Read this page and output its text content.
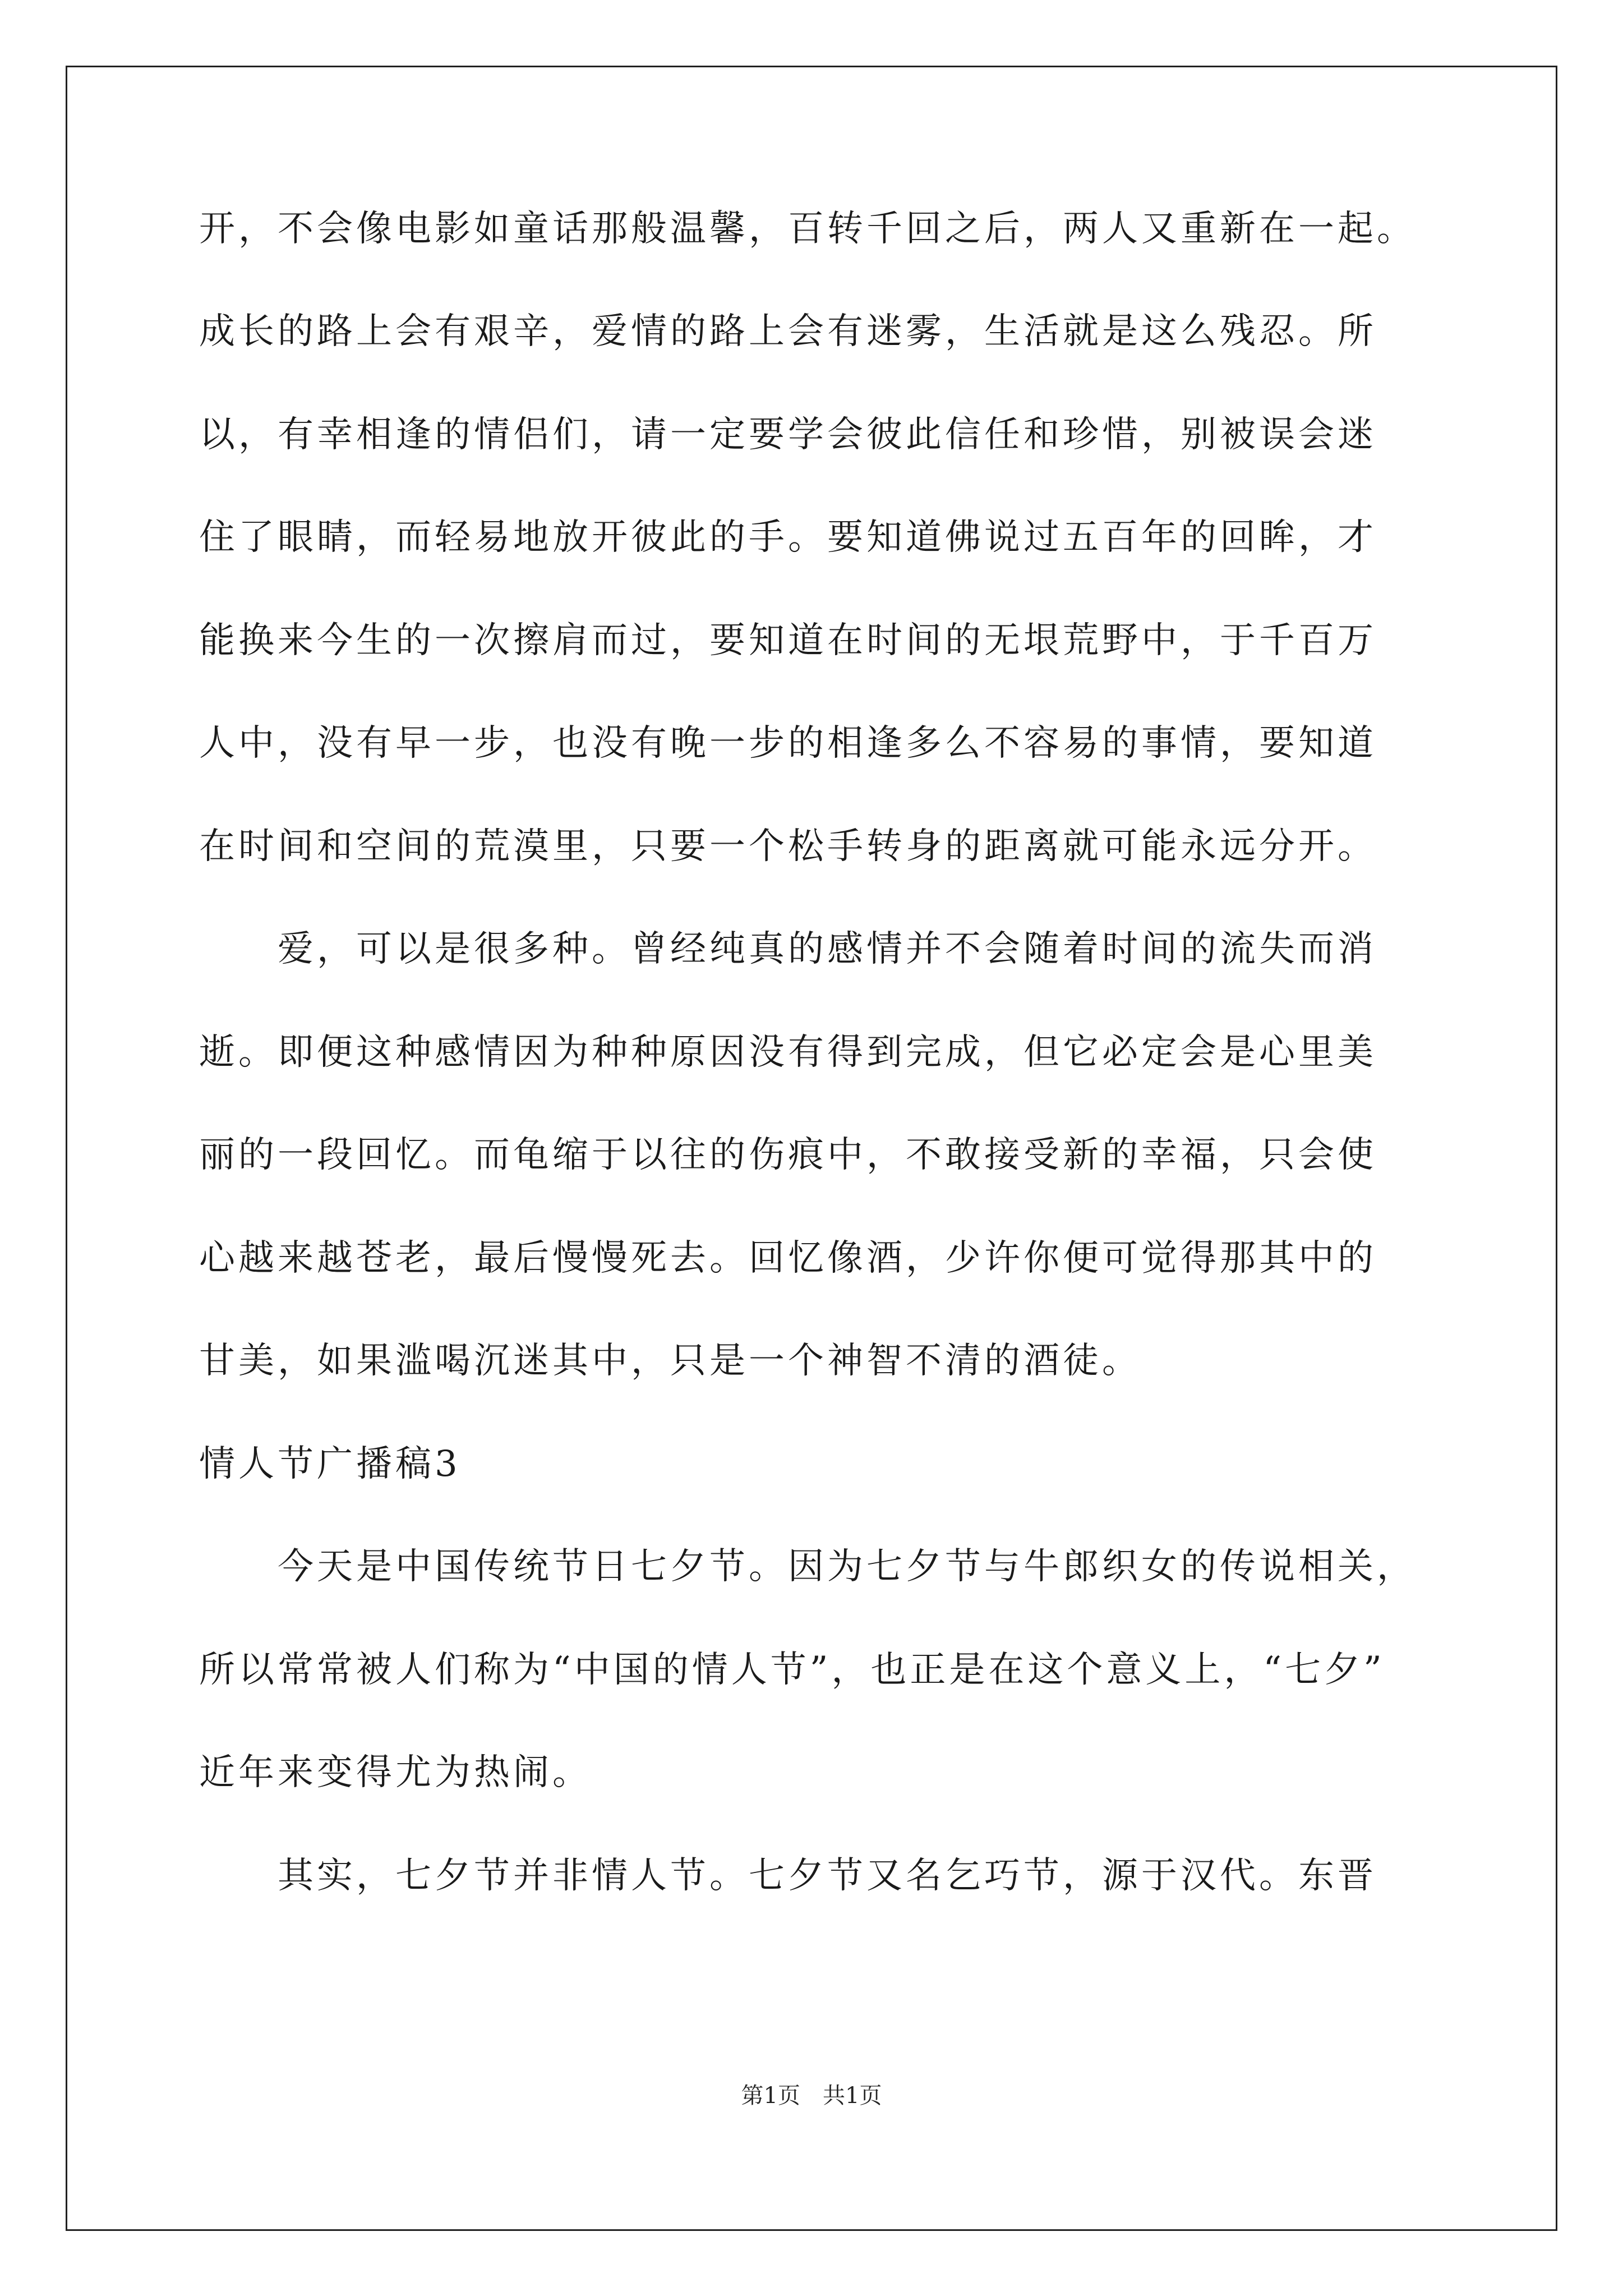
开，不会像电影如童话那般温馨，百转千回之后，两人又重新在一起。
成长的路上会有艰辛，爱情的路上会有迷雾，生活就是这么残忍。所
以，有幸相逢的情侣们，请一定要学会彼此信任和珍惜，别被误会迷
住了眼睛，而轻易地放开彼此的手。要知道佛说过五百年的回眸，才
能换来今生的一次擦肩而过，要知道在时间的无垠荒野中，于千百万
人中，没有早一步，也没有晚一步的相逢多么不容易的事情，要知道
在时间和空间的荒漠里，只要一个松手转身的距离就可能永远分开。
爱，可以是很多种。曾经纯真的感情并不会随着时间的流失而消
逝。即便这种感情因为种种原因没有得到完成，但它必定会是心里美
丽的一段回忆。而龟缩于以往的伤痕中，不敢接受新的幸福，只会使
心越来越苍老，最后慢慢死去。回忆像酒，少许你便可觉得那其中的
甘美，如果滥喝沉迷其中，只是一个神智不清的酒徒。
情人节广播稿3
今天是中国传统节日七夕节。因为七夕节与牛郎织女的传说相关，
所以常常被人们称为“中国的情人节”，也正是在这个意义上，“七夕”
近年来变得尤为热闹。
其实，七夕节并非情人节。七夕节又名乞巧节，源于汉代。东晋
第1页　共1页
